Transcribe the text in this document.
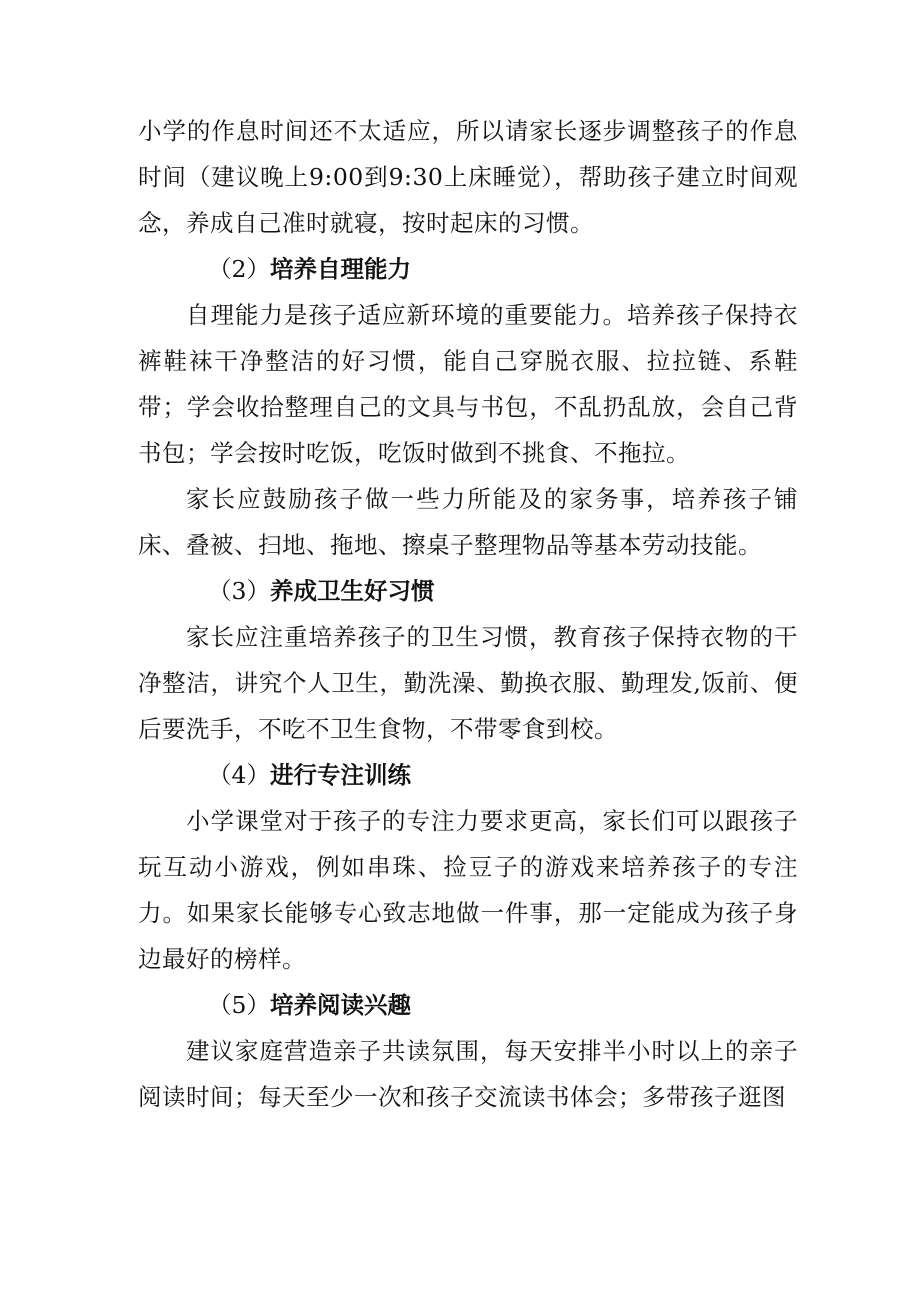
小学的作息时间还不太适应，所以请家长逐步调整孩子的作息时间（建议晚上9:00到9:30上床睡觉），帮助孩子建立时间观念，养成自己准时就寝，按时起床的习惯。

（2）培养自理能力

自理能力是孩子适应新环境的重要能力。培养孩子保持衣裤鞋袜干净整洁的好习惯，能自己穿脱衣服、拉拉链、系鞋带；学会收拾整理自己的文具与书包，不乱扔乱放，会自己背书包；学会按时吃饭，吃饭时做到不挑食、不拖拉。

家长应鼓励孩子做一些力所能及的家务事，培养孩子铺床、叠被、扫地、拖地、擦桌子整理物品等基本劳动技能。

（3）养成卫生好习惯

家长应注重培养孩子的卫生习惯，教育孩子保持衣物的干净整洁，讲究个人卫生，勤洗澡、勤换衣服、勤理发,饭前、便后要洗手，不吃不卫生食物，不带零食到校。

（4）进行专注训练

小学课堂对于孩子的专注力要求更高，家长们可以跟孩子玩互动小游戏，例如串珠、捡豆子的游戏来培养孩子的专注力。如果家长能够专心致志地做一件事，那一定能成为孩子身边最好的榜样。

（5）培养阅读兴趣

建议家庭营造亲子共读氛围，每天安排半小时以上的亲子阅读时间；每天至少一次和孩子交流读书体会；多带孩子逛图
